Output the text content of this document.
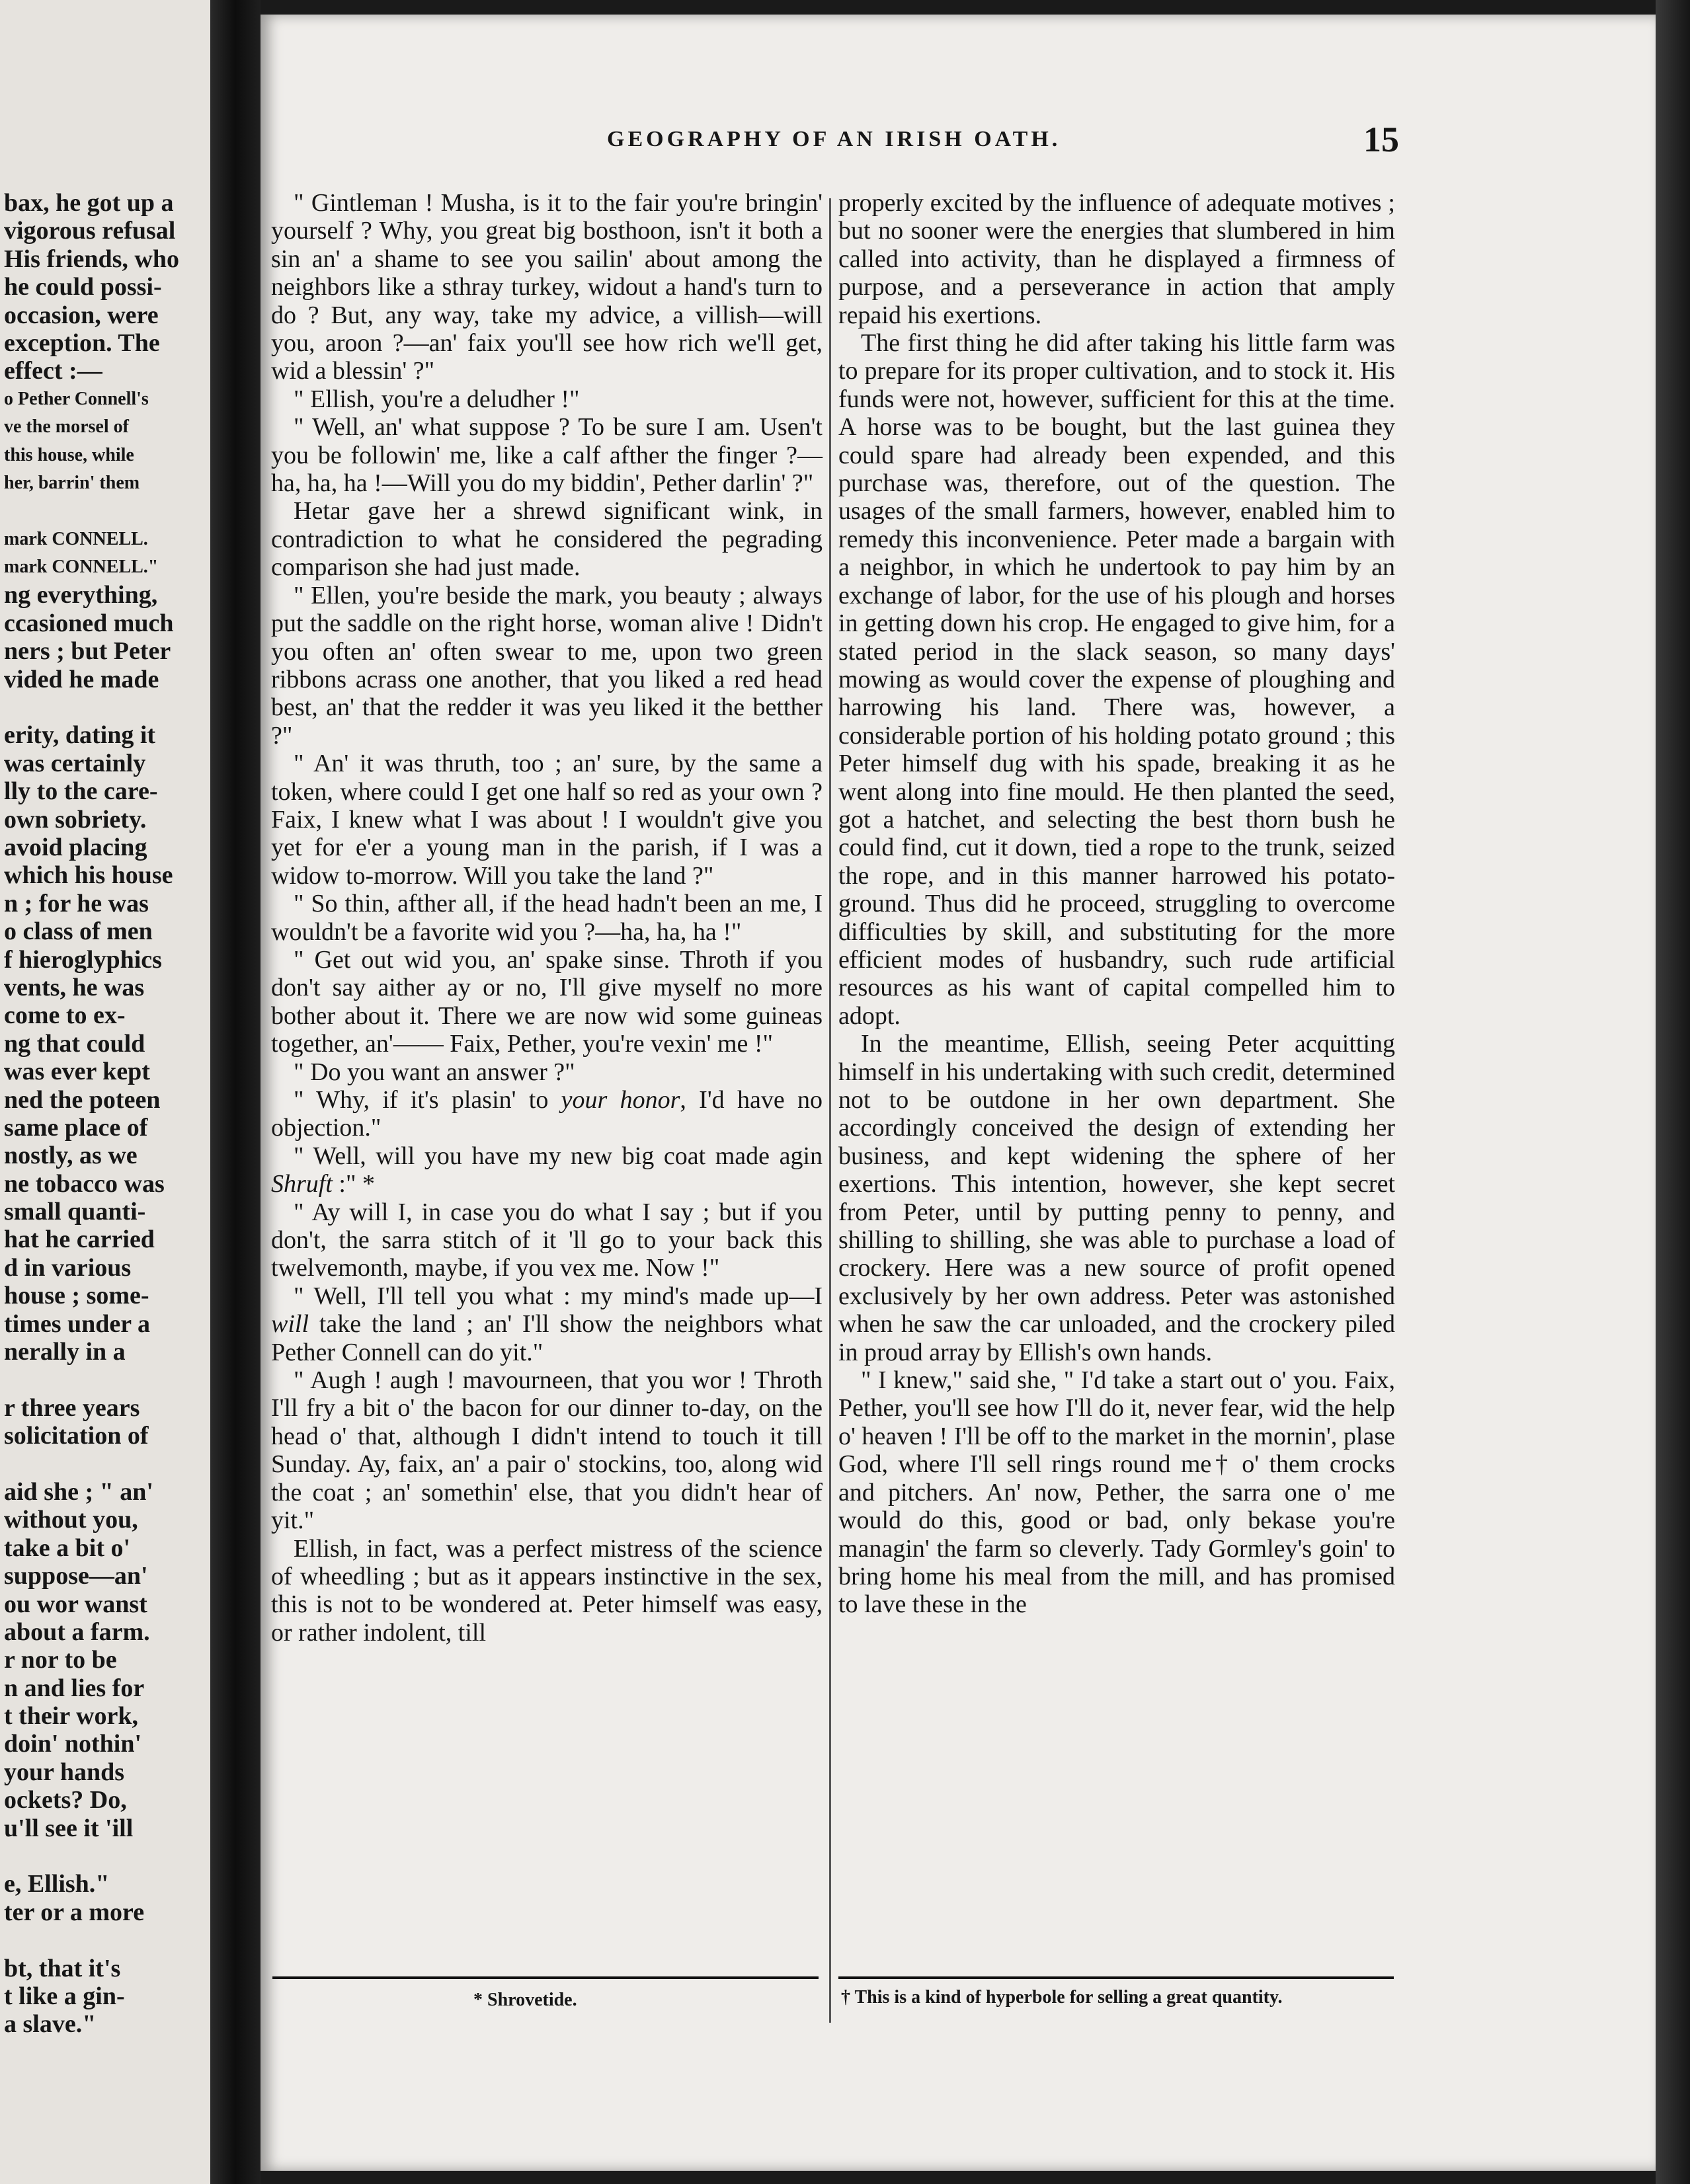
bax, he got up a
vigorous refusal
His friends, who
he could possi-
occasion, were
exception. The
effect :—
o Pether Connell's
ve the morsel of
this house, while
her, barrin' them
mark CONNELL.
mark CONNELL."
ng everything,
ccasioned much
ners ; but Peter
vided he made
erity, dating it
was certainly
lly to the care-
own sobriety.
avoid placing
which his house
n ; for he was
o class of men
f hieroglyphics
vents, he was
come to ex-
ng that could
was ever kept
ned the poteen
same place of
nostly, as we
ne tobacco was
small quanti-
hat he carried
d in various
house ; some-
times under a
nerally in a
r three years
solicitation of
aid she ; " an'
without you,
take a bit o'
suppose—an'
ou wor wanst
about a farm.
r nor to be
n and lies for
t their work,
doin' nothin'
your hands
ockets? Do,
u'll see it 'ill
e, Ellish."
ter or a more
bt, that it's
t like a gin-
a slave."
GEOGRAPHY OF AN IRISH OATH.	15

" Gintleman ! Musha, is it to the fair you're bringin' yourself ? Why, you great big bosthoon, isn't it both a sin an' a shame to see you sailin' about among the neighbors like a sthray turkey, widout a hand's turn to do ? But, any way, take my advice, a villish—will you, aroon ?—an' faix you'll see how rich we'll get, wid a blessin' ?"

" Ellish, you're a deludher !"

" Well, an' what suppose ? To be sure I am. Usen't you be followin' me, like a calf afther the finger ?—ha, ha, ha !—Will you do my biddin', Pether darlin' ?"

Hetar gave her a shrewd significant wink, in contradiction to what he considered the pegrading comparison she had just made.

" Ellen, you're beside the mark, you beauty ; always put the saddle on the right horse, woman alive ! Didn't you often an' often swear to me, upon two green ribbons acrass one another, that you liked a red head best, an' that the redder it was yeu liked it the betther ?"

" An' it was thruth, too ; an' sure, by the same a token, where could I get one half so red as your own ? Faix, I knew what I was about ! I wouldn't give you yet for e'er a young man in the parish, if I was a widow to-morrow. Will you take the land ?"

" So thin, afther all, if the head hadn't been an me, I wouldn't be a favorite wid you ?—ha, ha, ha !"

" Get out wid you, an' spake sinse. Throth if you don't say aither ay or no, I'll give myself no more bother about it. There we are now wid some guineas together, an'—— Faix, Pether, you're vexin' me !"

" Do you want an answer ?"

" Why, if it's plasin' to your honor, I'd have no objection."

" Well, will you have my new big coat made agin Shruft :" *

" Ay will I, in case you do what I say ; but if you don't, the sarra stitch of it 'll go to your back this twelvemonth, maybe, if you vex me. Now !"

" Well, I'll tell you what : my mind's made up—I will take the land ; an' I'll show the neighbors what Pether Connell can do yit."

" Augh ! augh ! mavourneen, that you wor ! Throth I'll fry a bit o' the bacon for our dinner to-day, on the head o' that, although I didn't intend to touch it till Sunday. Ay, faix, an' a pair o' stockins, too, along wid the coat ; an' somethin' else, that you didn't hear of yit."

Ellish, in fact, was a perfect mistress of the science of wheedling ; but as it appears instinctive in the sex, this is not to be wondered at. Peter himself was easy, or rather indolent, till

properly excited by the influence of adequate motives ; but no sooner were the energies that slumbered in him called into activity, than he displayed a firmness of purpose, and a perseverance in action that amply repaid his exertions.

The first thing he did after taking his little farm was to prepare for its proper cultivation, and to stock it. His funds were not, however, sufficient for this at the time. A horse was to be bought, but the last guinea they could spare had already been expended, and this purchase was, therefore, out of the question. The usages of the small farmers, however, enabled him to remedy this inconvenience. Peter made a bargain with a neighbor, in which he undertook to pay him by an exchange of labor, for the use of his plough and horses in getting down his crop. He engaged to give him, for a stated period in the slack season, so many days' mowing as would cover the expense of ploughing and harrowing his land. There was, however, a considerable portion of his holding potato ground ; this Peter himself dug with his spade, breaking it as he went along into fine mould. He then planted the seed, got a hatchet, and selecting the best thorn bush he could find, cut it down, tied a rope to the trunk, seized the rope, and in this manner harrowed his potato-ground. Thus did he proceed, struggling to overcome difficulties by skill, and substituting for the more efficient modes of husbandry, such rude artificial resources as his want of capital compelled him to adopt.

In the meantime, Ellish, seeing Peter acquitting himself in his undertaking with such credit, determined not to be outdone in her own department. She accordingly conceived the design of extending her business, and kept widening the sphere of her exertions. This intention, however, she kept secret from Peter, until by putting penny to penny, and shilling to shilling, she was able to purchase a load of crockery. Here was a new source of profit opened exclusively by her own address. Peter was astonished when he saw the car unloaded, and the crockery piled in proud array by Ellish's own hands.

" I knew," said she, " I'd take a start out o' you. Faix, Pether, you'll see how I'll do it, never fear, wid the help o' heaven ! I'll be off to the market in the mornin', plase God, where I'll sell rings round me† o' them crocks and pitchers. An' now, Pether, the sarra one o' me would do this, good or bad, only bekase you're managin' the farm so cleverly. Tady Gormley's goin' to bring home his meal from the mill, and has promised to lave these in the

* Shrovetide.	† This is a kind of hyperbole for selling a great quantity.
